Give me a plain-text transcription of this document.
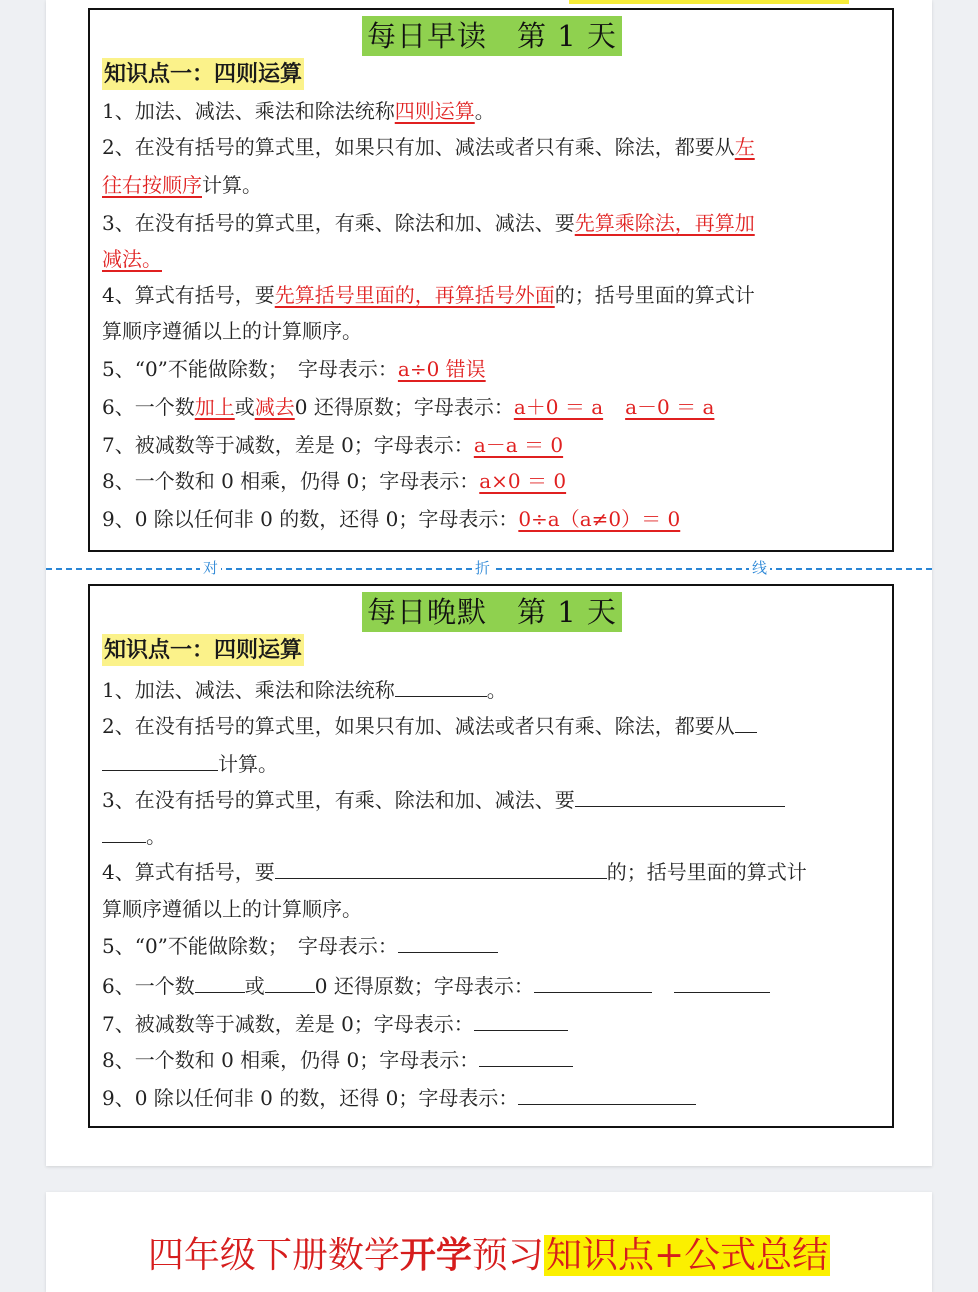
每日早读　第 1 天
知识点一：四则运算
1、加法、减法、乘法和除法统称四则运算。
2、在没有括号的算式里，如果只有加、减法或者只有乘、除法，都要从左
往右按顺序计算。
3、在没有括号的算式里，有乘、除法和加、减法、要先算乘除法，再算加
减法。
4、算式有括号，要先算括号里面的，再算括号外面的；括号里面的算式计
算顺序遵循以上的计算顺序。
5、“0”不能做除数；　字母表示：a÷0 错误
6、一个数加上或减去0 还得原数；字母表示：a＋0 ＝ a a－0 ＝ a
7、被减数等于减数，差是 0；字母表示：a－a ＝ 0
8、一个数和 0 相乘，仍得 0；字母表示：a×0 ＝ 0
9、0 除以任何非 0 的数，还得 0；字母表示：0÷a（a≠0）＝ 0
对	折	线
每日晚默　第 1 天
知识点一：四则运算
1、加法、减法、乘法和除法统称	。
2、在没有括号的算式里，如果只有加、减法或者只有乘、除法，都要从
计算。
3、在没有括号的算式里，有乘、除法和加、减法、要
。
4、算式有括号，要	的；括号里面的算式计
算顺序遵循以上的计算顺序。
5、“0”不能做除数；　字母表示：
6、一个数	或	0 还得原数；字母表示：
7、被减数等于减数，差是 0；字母表示：
8、一个数和 0 相乘，仍得 0；字母表示：
9、0 除以任何非 0 的数，还得 0；字母表示：
四年级下册数学开学预习知识点+公式总结
